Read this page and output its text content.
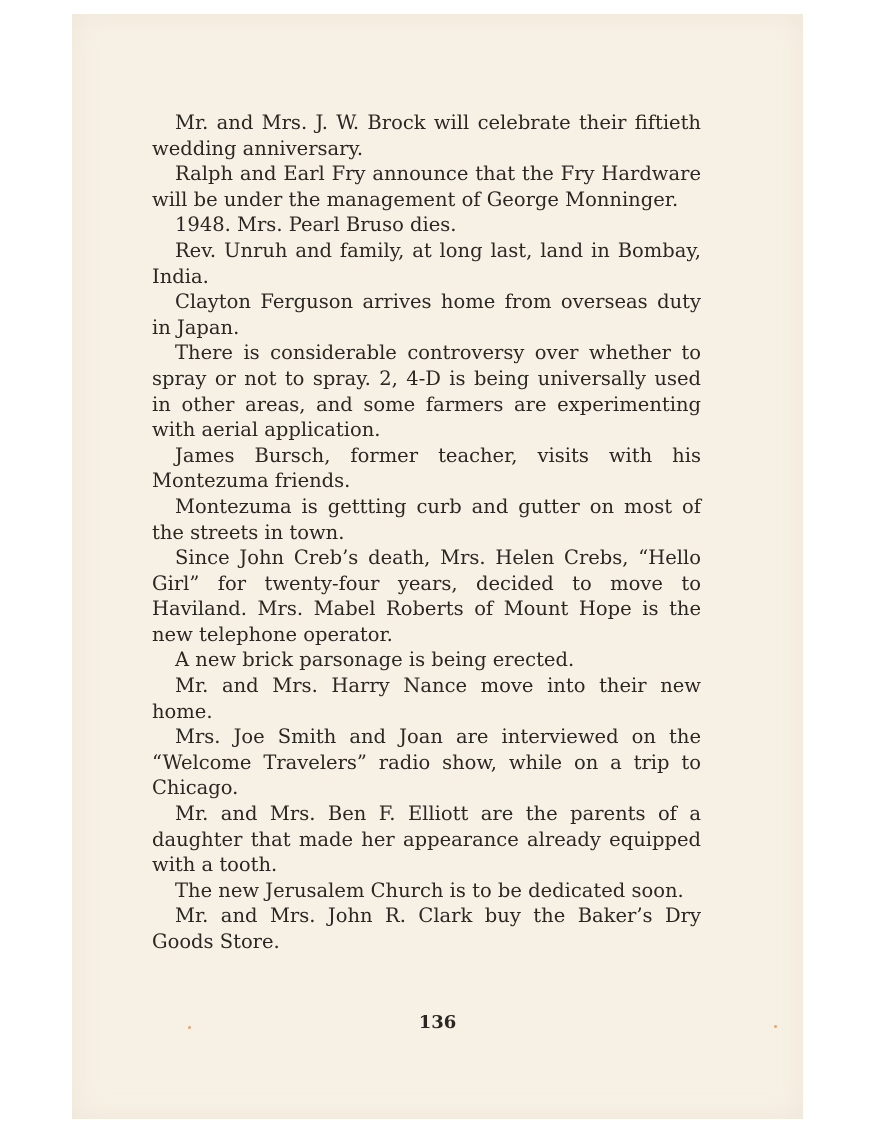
Mr. and Mrs. J. W. Brock will celebrate their fiftieth wedding anniversary.

Ralph and Earl Fry announce that the Fry Hardware will be under the management of George Monninger.

1948. Mrs. Pearl Bruso dies.

Rev. Unruh and family, at long last, land in Bombay, India.

Clayton Ferguson arrives home from overseas duty in Japan.

There is considerable controversy over whether to spray or not to spray. 2, 4-D is being universally used in other areas, and some farmers are experimenting with aerial application.

James Bursch, former teacher, visits with his Montezuma friends.

Montezuma is gettting curb and gutter on most of the streets in town.

Since John Creb’s death, Mrs. Helen Crebs, “Hello Girl” for twenty-four years, decided to move to Haviland. Mrs. Mabel Roberts of Mount Hope is the new telephone operator.

A new brick parsonage is being erected.

Mr. and Mrs. Harry Nance move into their new home.

Mrs. Joe Smith and Joan are interviewed on the “Welcome Travelers” radio show, while on a trip to Chicago.

Mr. and Mrs. Ben F. Elliott are the parents of a daughter that made her appearance already equipped with a tooth.

The new Jerusalem Church is to be dedicated soon.

Mr. and Mrs. John R. Clark buy the Baker’s Dry Goods Store.

136
